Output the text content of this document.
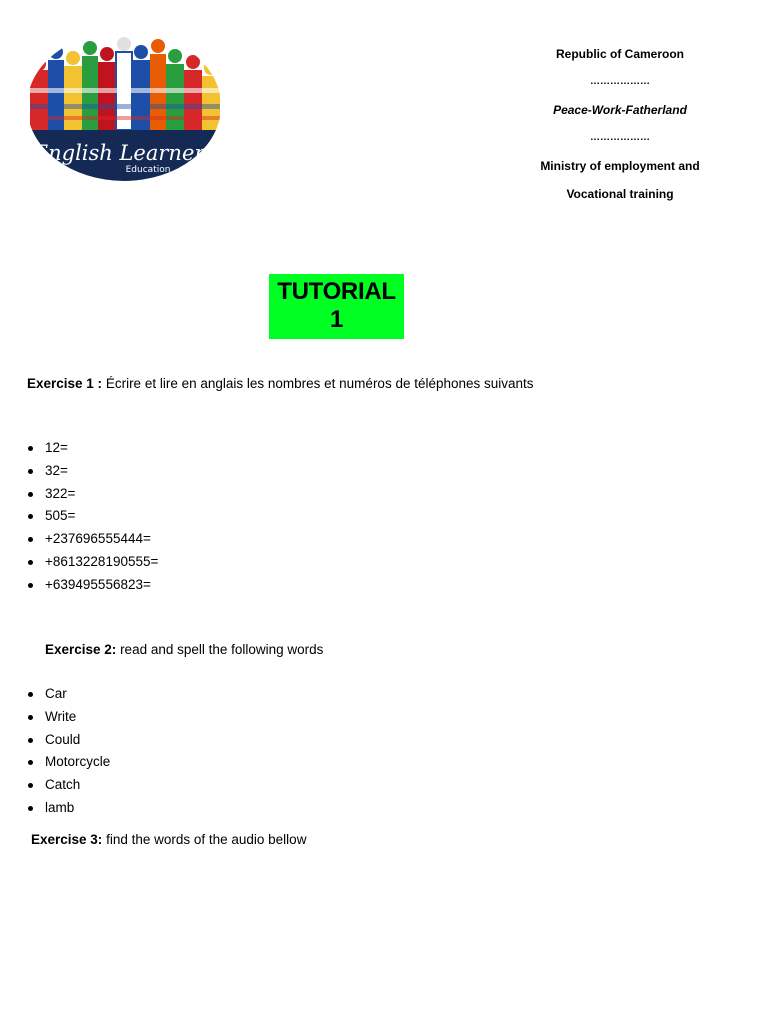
English Learners
Education
Republic of Cameroon
………………
Peace-Work-Fatherland
………………
Ministry of employment and
Vocational training
TUTORIAL 1
Exercise 1 : Écrire et lire en anglais les nombres et numéros de téléphones suivants
12=
32=
322=
505=
+237696555444=
+8613228190555=
+639495556823=
Exercise 2: read and spell the following words
Car
Write
Could
Motorcycle
Catch
lamb
Exercise 3: find the words of the audio bellow
